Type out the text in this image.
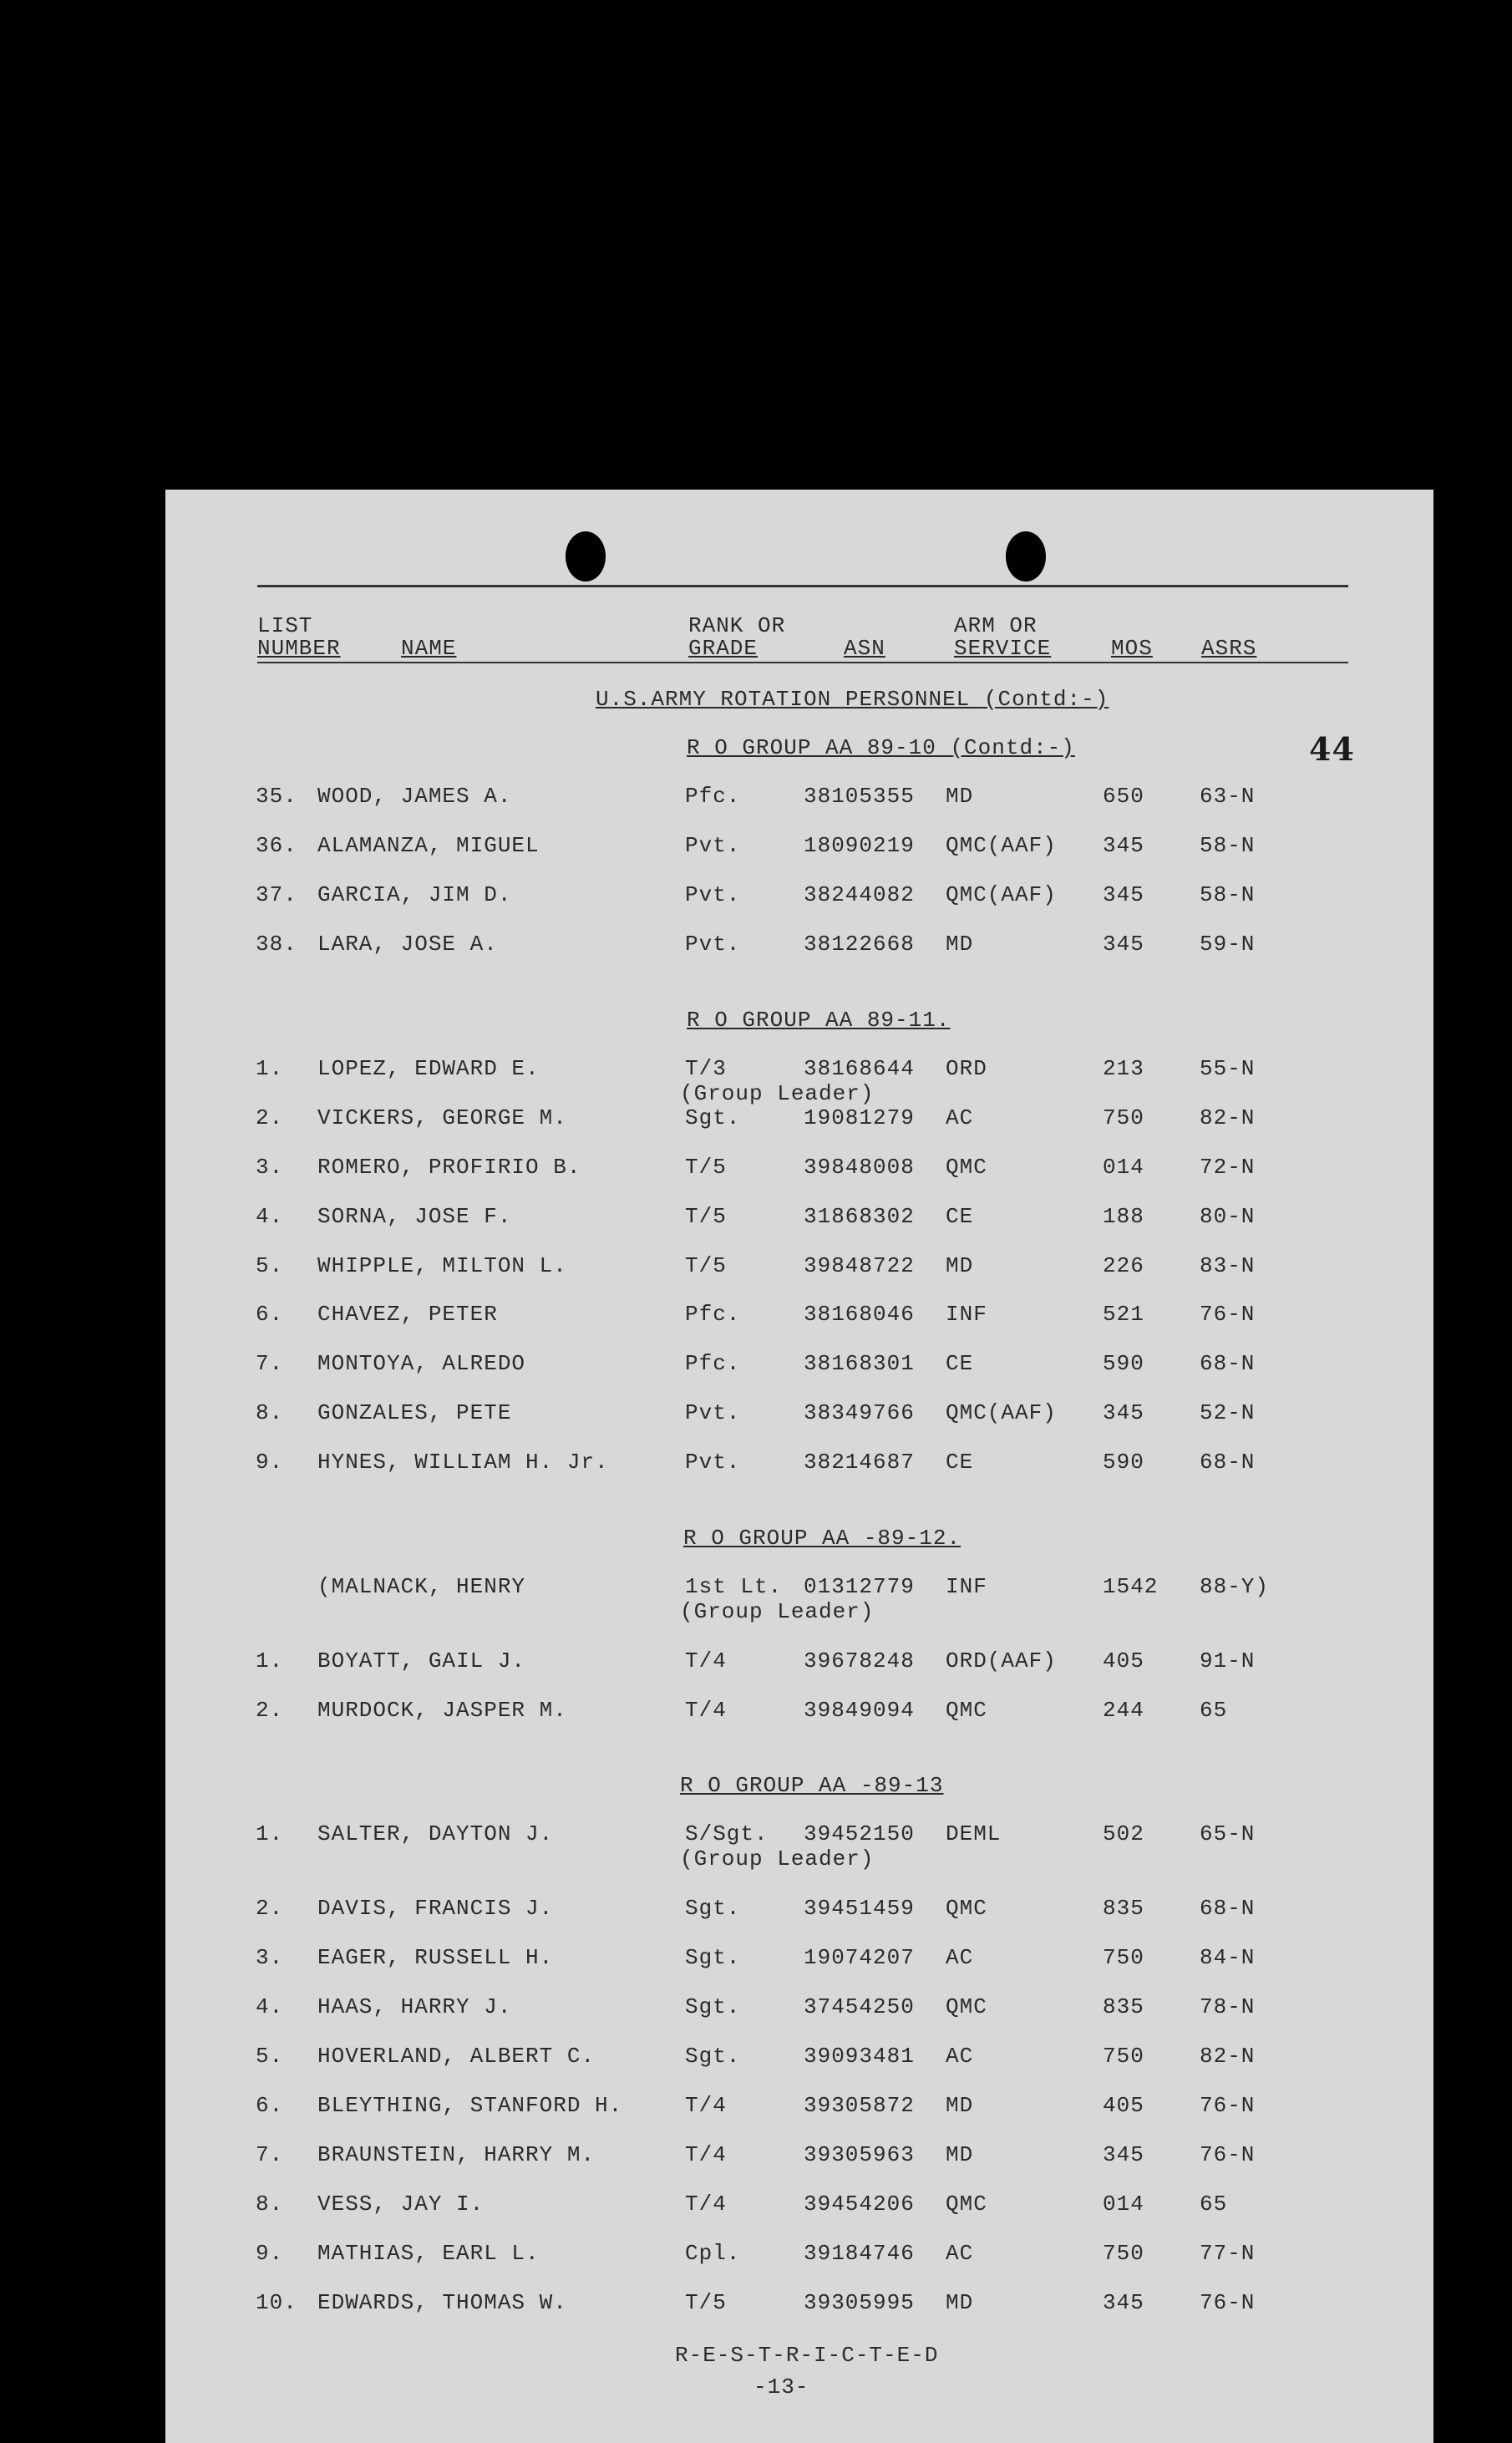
LIST
NUMBER	NAME
RANK OR
GRADE	ASN
ARM OR
SERVICE	MOS ASRS
U.S.ARMY ROTATION PERSONNEL (Contd:-)
44
R O GROUP AA 89-10 (Contd:-)
35. WOOD, JAMES A.	Pfc.	38105355 MD	650	63-N
36. ALAMANZA, MIGUEL	Pvt.	18090219 QMC(AAF) 345	58-N
37. GARCIA, JIM D.	Pvt.	38244082 QMC(AAF) 345	58-N
38. LARA, JOSE A.	Pvt.	38122668 MD	345	59-N
R O GROUP AA 89-11.
1. LOPEZ, EDWARD E.	T/3	38168644 ORD	213	55-N
(Group Leader)
2. VICKERS, GEORGE M.	Sgt.	19081279 AC	750	82-N
3. ROMERO, PROFIRIO B.	T/5	39848008 QMC	014	72-N
4. SORNA, JOSE F.	T/5	31868302 CE	188	80-N
5. WHIPPLE, MILTON L.	T/5	39848722 MD	226	83-N
6. CHAVEZ, PETER	Pfc.	38168046 INF	521	76-N
7. MONTOYA, ALREDO	Pfc.	38168301 CE	590	68-N
8. GONZALES, PETE	Pvt.	38349766 QMC(AAF) 345	52-N
9. HYNES, WILLIAM H. Jr.	Pvt.	38214687 CE	590	68-N
R O GROUP AA -89-12.
(MALNACK, HENRY	1st Lt. 01312779 INF	1542 88-Y)
(Group Leader)
1. BOYATT, GAIL J.	T/4	39678248 ORD(AAF) 405	91-N
2. MURDOCK, JASPER M.	T/4	39849094 QMC	244	65
R O GROUP AA -89-13
1. SALTER, DAYTON J.	S/Sgt. 39452150 DEML	502	65-N
(Group Leader)
2. DAVIS, FRANCIS J.	Sgt.	39451459 QMC	835	68-N
3. EAGER, RUSSELL H.	Sgt.	19074207 AC	750	84-N
4. HAAS, HARRY J.	Sgt.	37454250 QMC	835	78-N
5. HOVERLAND, ALBERT C.	Sgt.	39093481 AC	750	82-N
6. BLEYTHING, STANFORD H.	T/4	39305872 MD	405	76-N
7. BRAUNSTEIN, HARRY M.	T/4	39305963 MD	345	76-N
8. VESS, JAY I.	T/4	39454206 QMC	014	65
9. MATHIAS, EARL L.	Cpl.	39184746 AC	750	77-N
10. EDWARDS, THOMAS W.	T/5	39305995 MD	345	76-N
R-E-S-T-R-I-C-T-E-D
-13-
